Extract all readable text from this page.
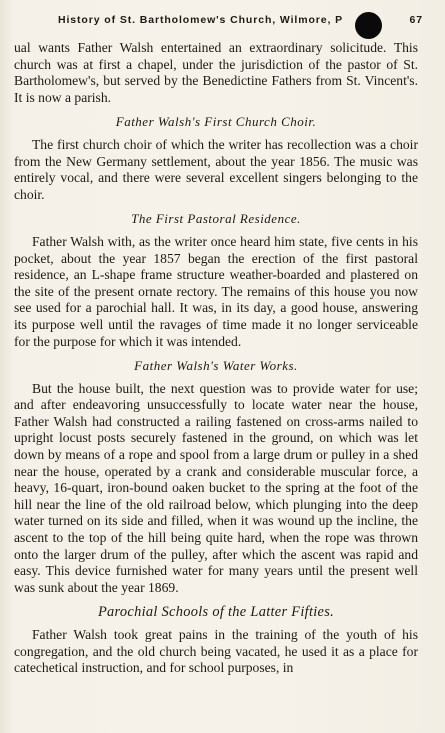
History of St. Bartholomew's Church, Wilmore, P	67

ual wants Father Walsh entertained an extraordinary solicitude. This church was at first a chapel, under the jurisdiction of the pastor of St. Bartholomew's, but served by the Benedictine Fathers from St. Vincent's. It is now a parish.

Father Walsh's First Church Choir.

The first church choir of which the writer has recollection was a choir from the New Germany settlement, about the year 1856. The music was entirely vocal, and there were several excellent singers belonging to the choir.

The First Pastoral Residence.

Father Walsh with, as the writer once heard him state, five cents in his pocket, about the year 1857 began the erection of the first pastoral residence, an L-shape frame structure weather-boarded and plastered on the site of the present ornate rectory. The remains of this house you now see used for a parochial hall. It was, in its day, a good house, answering its purpose well until the ravages of time made it no longer serviceable for the purpose for which it was intended.

Father Walsh's Water Works.

But the house built, the next question was to provide water for use; and after endeavoring unsuccessfully to locate water near the house, Father Walsh had constructed a railing fastened on cross-arms nailed to upright locust posts securely fastened in the ground, on which was let down by means of a rope and spool from a large drum or pulley in a shed near the house, operated by a crank and considerable muscular force, a heavy, 16-quart, iron-bound oaken bucket to the spring at the foot of the hill near the line of the old railroad below, which plunging into the deep water turned on its side and filled, when it was wound up the incline, the ascent to the top of the hill being quite hard, when the rope was thrown onto the larger drum of the pulley, after which the ascent was rapid and easy. This device furnished water for many years until the present well was sunk about the year 1869.

Parochial Schools of the Latter Fifties.

Father Walsh took great pains in the training of the youth of his congregation, and the old church being vacated, he used it as a place for catechetical instruction, and for school purposes, in
